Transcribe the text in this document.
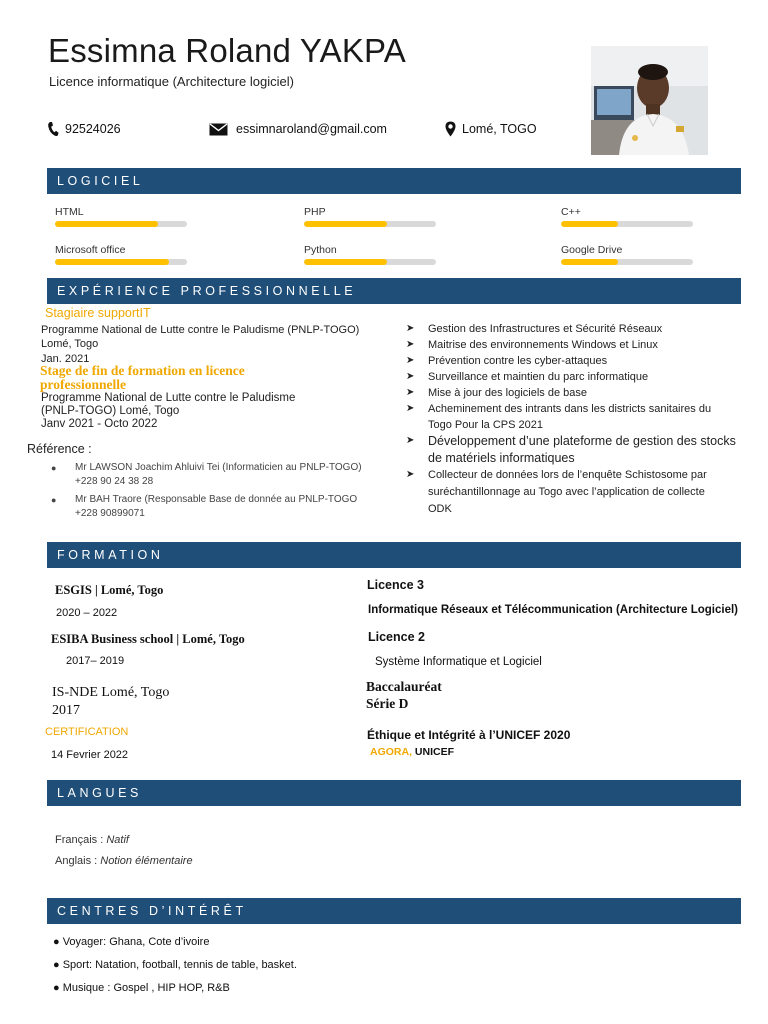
Essimna Roland YAKPA
Licence informatique (Architecture logiciel)
92524026	essimnaroland@gmail.com	Lomé, TOGO
LOGICIEL
HTML	PHP	C++
Microsoft office	Python	Google Drive
EXPÉRIENCE PROFESSIONNELLE
Stagiaire supportIT
Programme National de Lutte contre le Paludisme (PNLP-TOGO)
Lomé, Togo
Jan. 2021
Stage de fin de formation en licence
professionnelle
Programme National de Lutte contre le Paludisme
(PNLP-TOGO) Lomé, Togo
Janv 2021 - Octo 2022
Référence :
●	Mr LAWSON Joachim Ahluivi Tei (Informaticien au PNLP-TOGO)
+228 90 24 38 28
●	Mr BAH Traore (Responsable Base de donnée au PNLP-TOGO
+228 90899071
➤	Gestion des Infrastructures et Sécurité Réseaux
➤	Maitrise des environnements Windows et Linux
➤	Prévention contre les cyber-attaques
➤	Surveillance et maintien du parc informatique
➤	Mise à jour des logiciels de base
➤	Acheminement des intrants dans les districts sanitaires du
Togo Pour la CPS 2021
➤	Développement d’une plateforme de gestion des stocks
de matériels informatiques
➤	Collecteur de données lors de l’enquête Schistosome par
suréchantillonnage au Togo avec l’application de collecte
ODK
FORMATION
ESGIS | Lomé, Togo
2020 – 2022
ESIBA Business school | Lomé, Togo
2017– 2019
IS-NDE Lomé, Togo
2017
CERTIFICATION
14 Fevrier 2022
Licence 3
Informatique Réseaux et Télécommunication (Architecture Logiciel)
Licence 2
Système Informatique et Logiciel
Baccalauréat
Série D
Éthique et Intégrité à l’UNICEF 2020
AGORA, UNICEF
LANGUES
Français : Natif
Anglais : Notion élémentaire
CENTRES D’INTÉRÊT
● Voyager: Ghana, Cote d’ivoire
● Sport: Natation, football, tennis de table, basket.
● Musique : Gospel , HIP HOP, R&B
